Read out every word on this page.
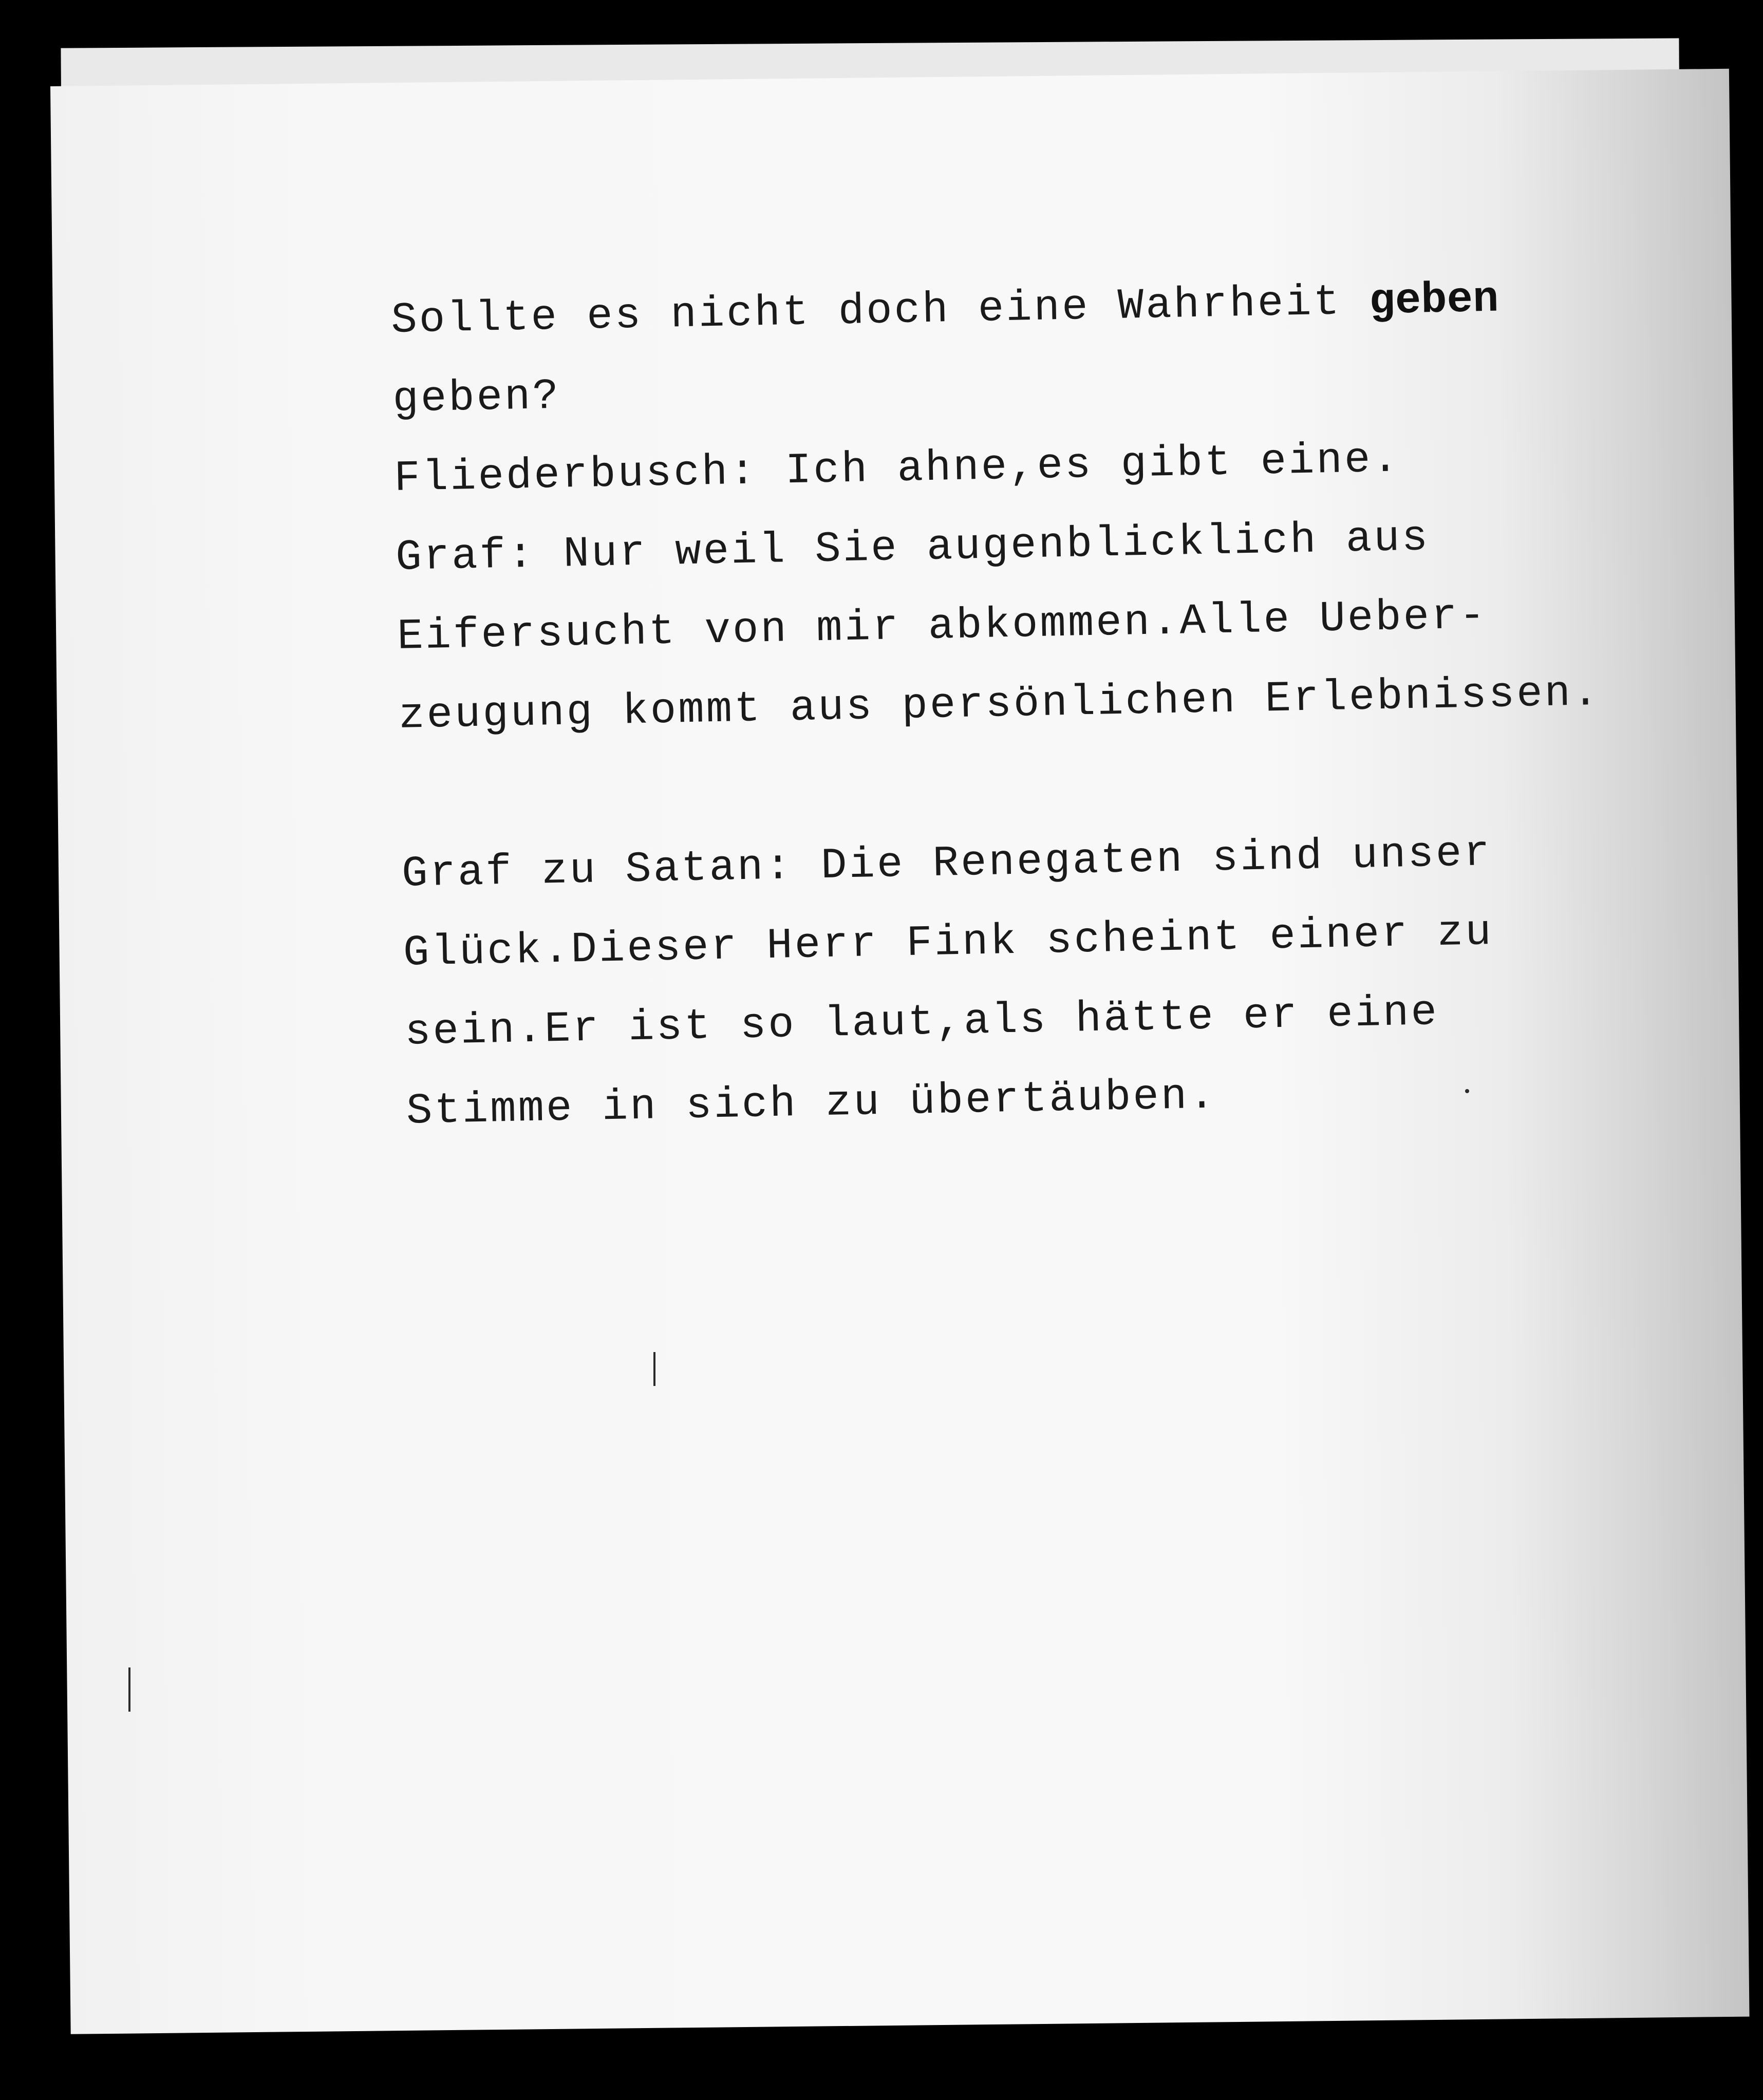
Sollte es nicht doch eine Wahrheit geben
geben?
Fliederbusch: Ich ahne,es gibt eine.
Graf: Nur weil Sie augenblicklich aus
Eifersucht von mir abkommen.Alle Ueber-
zeugung kommt aus persönlichen Erlebnissen.
Graf zu Satan: Die Renegaten sind unser
Glück.Dieser Herr Fink scheint einer zu
sein.Er ist so laut,als hätte er eine
Stimme in sich zu übertäuben.
